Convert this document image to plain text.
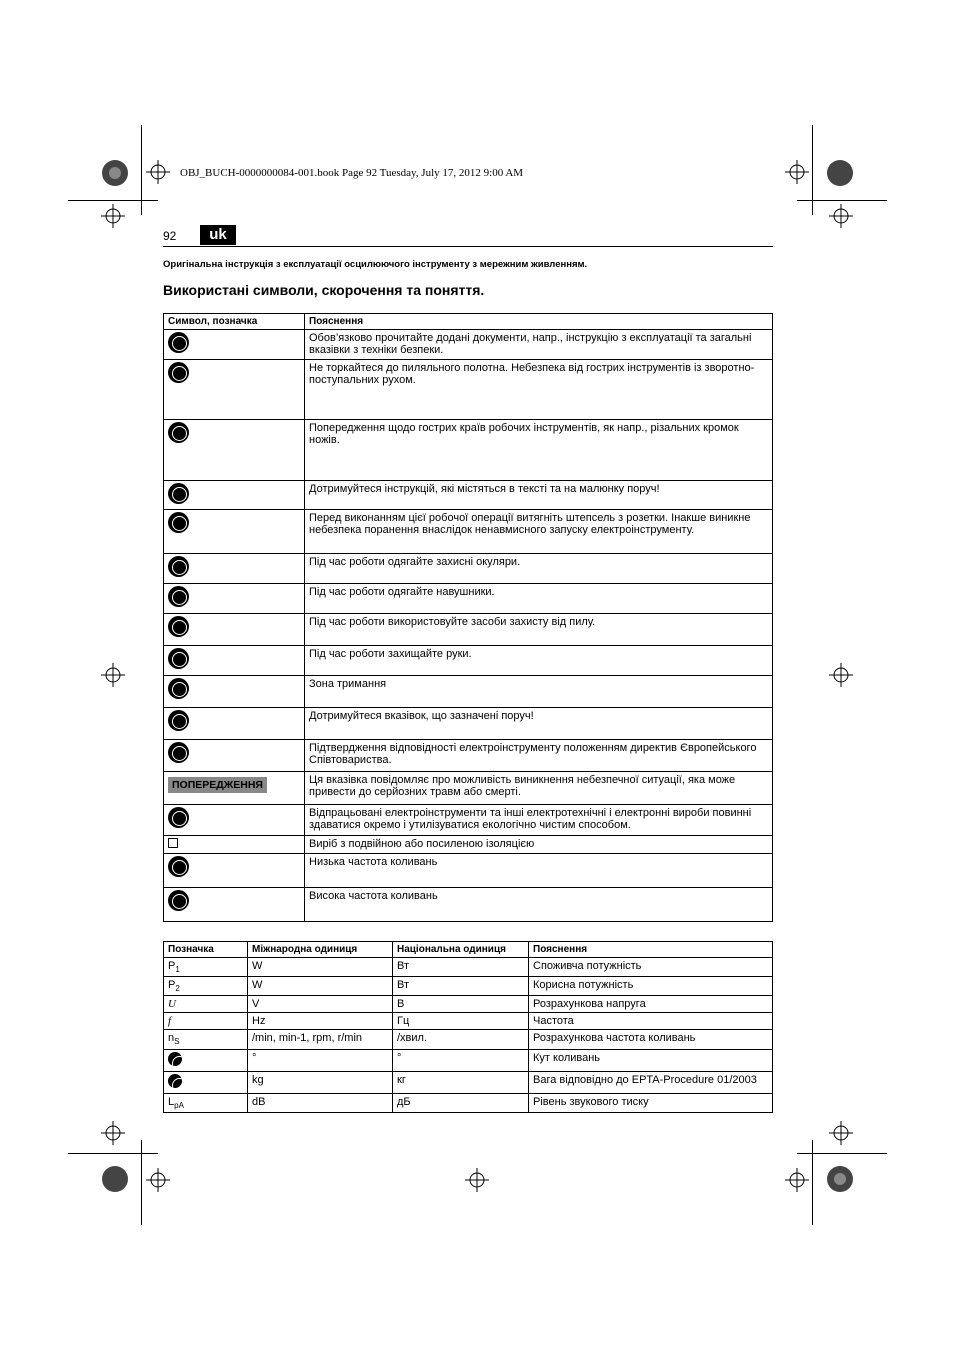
OBJ_BUCH-0000000084-001.book Page 92 Tuesday, July 17, 2012 9:00 AM
92	uk
Оригінальна інструкція з експлуатації осцилюючого інструменту з мережним живленням.
Використані символи, скорочення та поняття.
Символ, позначка	Пояснення
	Обов’язково прочитайте додані документи, напр., інструкцію з експлуатації та загальні вказівки з техніки безпеки.
	Не торкайтеся до пиляльного полотна. Небезпека від гострих інструментів із зворотно-поступальних рухом.
	Попередження щодо гострих країв робочих інструментів, як напр., різальних кромок ножів.
	Дотримуйтеся інструкцій, які містяться в тексті та на малюнку поруч!
	Перед виконанням цієї робочої операції витягніть штепсель з розетки. Інакше виникне небезпека поранення внаслідок ненавмисного запуску електроінструменту.
	Під час роботи одягайте захисні окуляри.
	Під час роботи одягайте навушники.
	Під час роботи використовуйте засоби захисту від пилу.
	Під час роботи захищайте руки.
	Зона тримання
	Дотримуйтеся вказівок, що зазначені поруч!
	Підтвердження відповідності електроінструменту положенням директив Європейського Співтовариства.
ПОПЕРЕДЖЕННЯ	Ця вказівка повідомляє про можливість виникнення небезпечної ситуації, яка може привести до серйозних травм або смерті.
	Відпрацьовані електроінструменти та інші електротехнічні і електронні вироби повинні здаватися окремо і утилізуватися екологічно чистим способом.
	Виріб з подвійною або посиленою ізоляцією
	Низька частота коливань
	Висока частота коливань
Позначка	Міжнародна одиниця	Національна одиниця	Пояснення
$P_1$	W	Вт	Споживча потужність
$P_2$	W	Вт	Корисна потужність
U	V	В	Розрахункова напруга
f	Hz	Гц	Частота
$n_S$	/min, min-1, rpm, r/min	/хвил.	Розрахункова частота коливань
	°	°	Кут коливань
	kg	кг	Вага відповідно до EPTA-Procedure 01/2003
$L_{pA}$	dB	дБ	Рівень звукового тиску
